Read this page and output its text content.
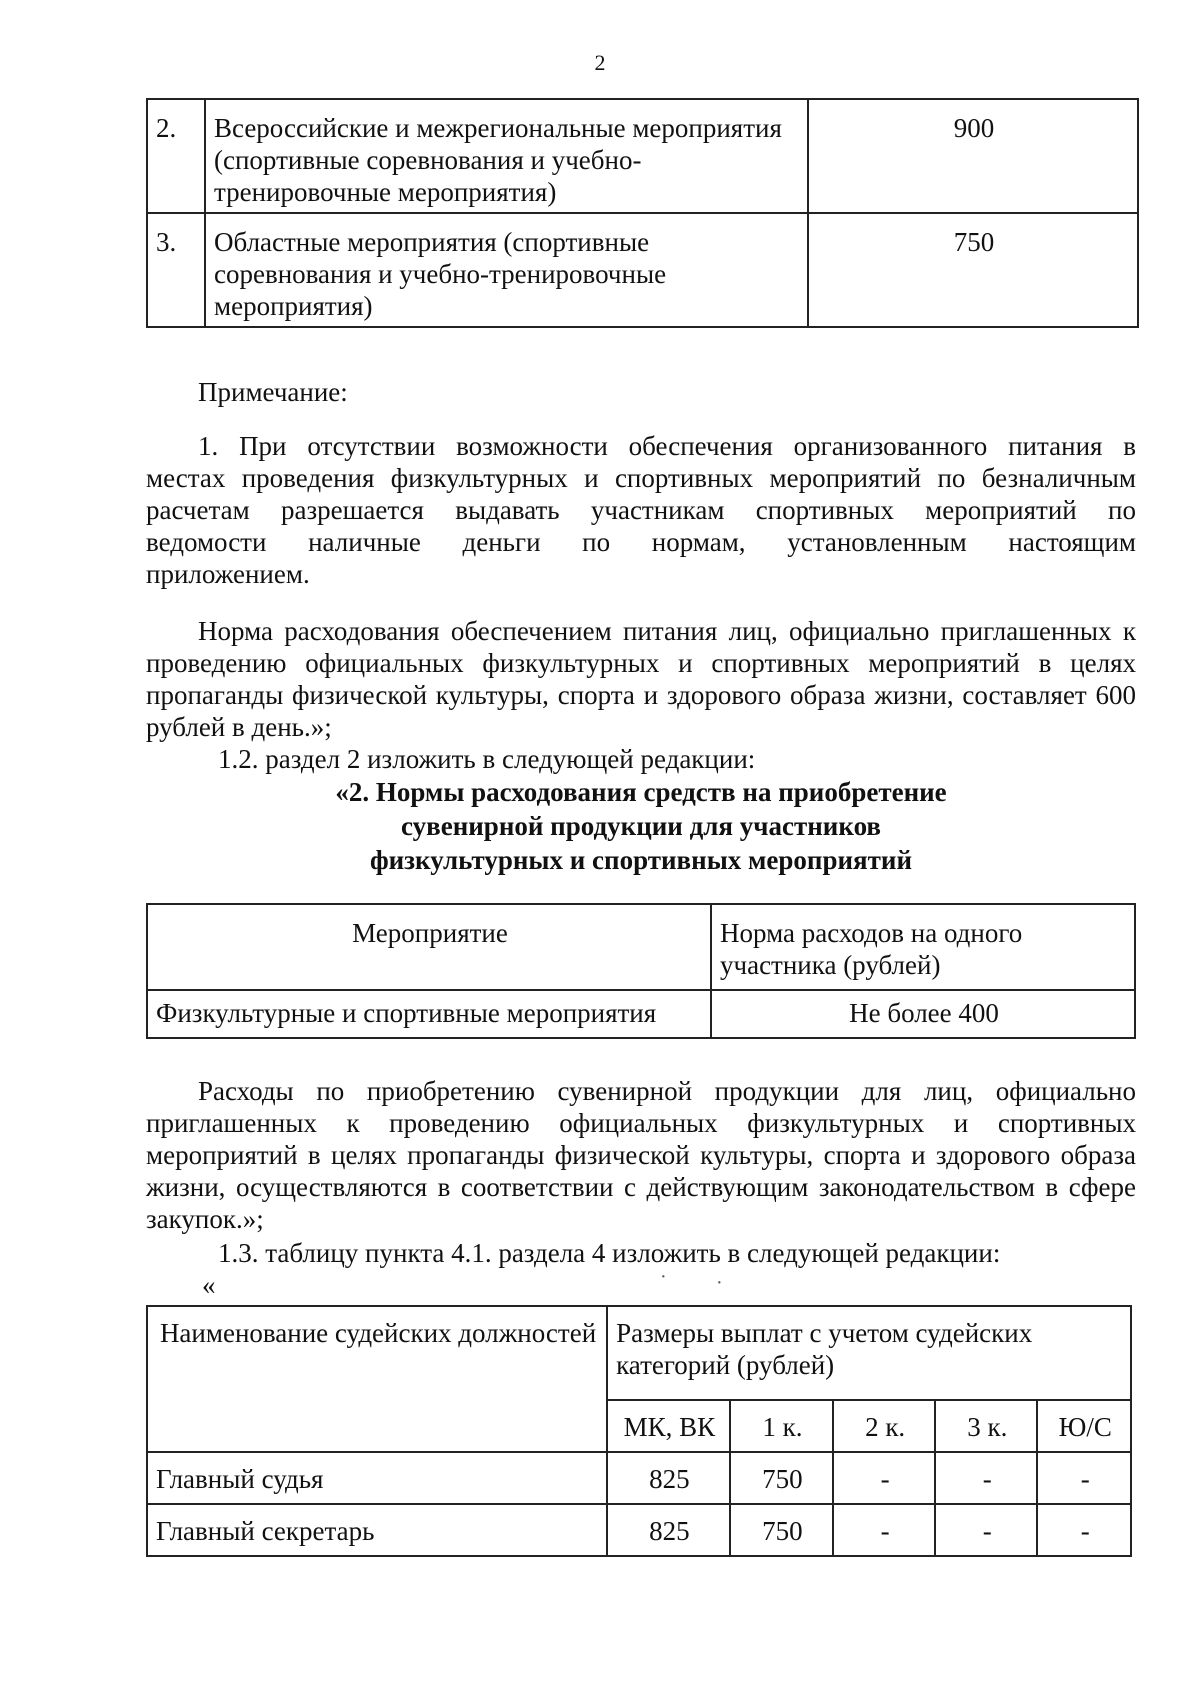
2
2.	Всероссийские и межрегиональные мероприятия (спортивные соревнования и учебно-тренировочные мероприятия)	900
3.	Областные мероприятия (спортивные соревнования и учебно-тренировочные мероприятия)	750
Примечание:
1. При отсутствии возможности обеспечения организованного питания в
местах проведения физкультурных и спортивных мероприятий по безналичным
расчетам разрешается выдавать участникам спортивных мероприятий по
ведомости наличные деньги по нормам, установленным настоящим
приложением.
Норма расходования обеспечением питания лиц, официально приглашенных к проведению официальных физкультурных и спортивных мероприятий в целях пропаганды физической культуры, спорта и здорового образа жизни, составляет 600 рублей в день.»;
1.2. раздел 2 изложить в следующей редакции:
«2. Нормы расходования средств на приобретение
сувенирной продукции для участников
физкультурных и спортивных мероприятий
Мероприятие	Норма расходов на одного участника (рублей)
Физкультурные и спортивные мероприятия	Не более 400
Расходы по приобретению сувенирной продукции для лиц, официально приглашенных к проведению официальных физкультурных и спортивных мероприятий в целях пропаганды физической культуры, спорта и здорового образа жизни, осуществляются в соответствии с действующим законодательством в сфере закупок.»;
1.3. таблицу пункта 4.1. раздела 4 изложить в следующей редакции:
«	· ·
Наименование судейских должностей	Размеры выплат с учетом судейских категорий (рублей)				
	МК, ВК	1 к.	2 к.	3 к.	Ю/С
Главный судья	825	750	-	-	-
Главный секретарь	825	750	-	-	-
